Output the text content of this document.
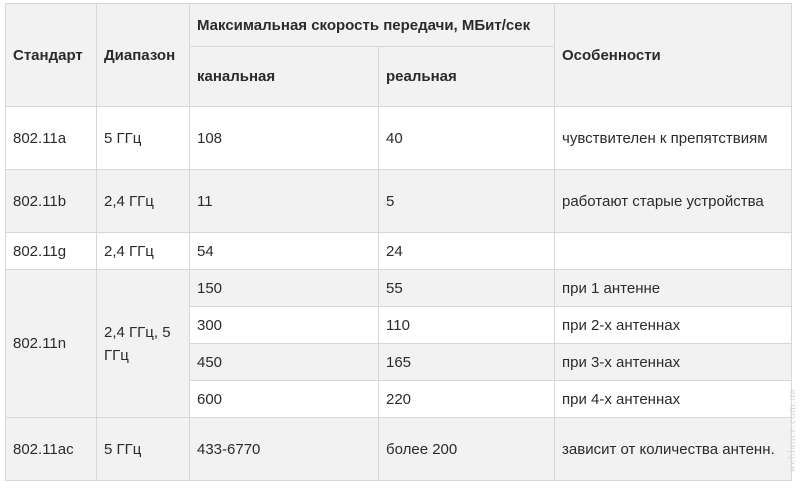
Стандарт	Диапазон	Максимальная скорость передачи, МБит/сек		Особенности
		канальная	реальная	
802.11a	5 ГГц	108	40	чувствителен к препятствиям
802.11b	2,4 ГГц	11	5	работают старые устройства
802.11g	2,4 ГГц	54	24	
802.11n	2,4 ГГц, 5 ГГц	150	55	при 1 антенне
		300	110	при 2-х антеннах
		450	165	при 3-х антеннах
		600	220	при 4-х антеннах
802.11ac	5 ГГц	433-6770	более 200	зависит от количества антенн. weblance.com.ua
